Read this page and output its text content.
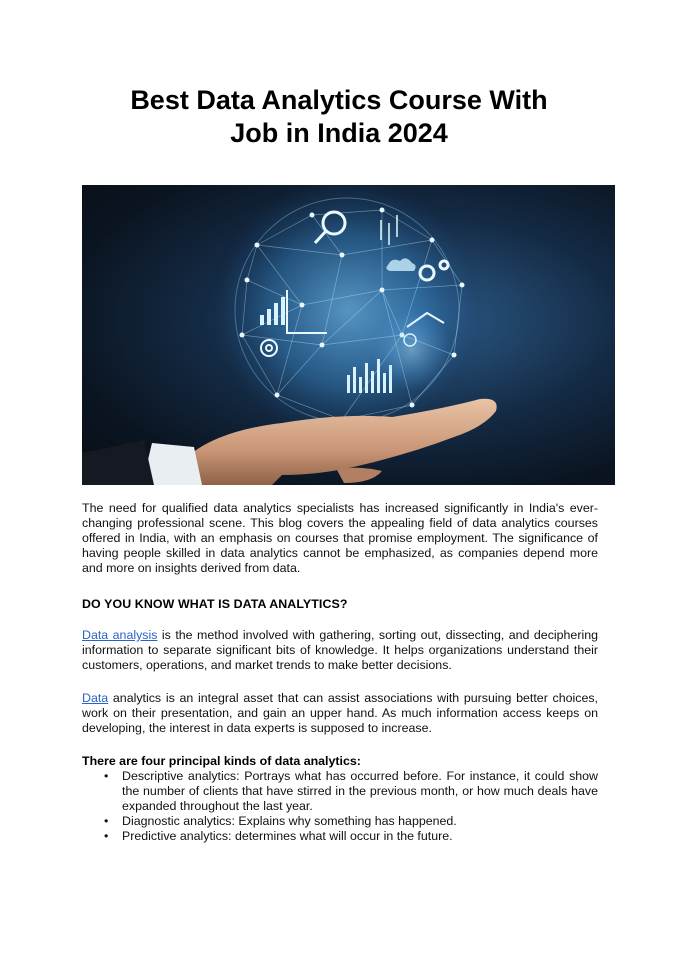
Best Data Analytics Course With
Job in India 2024

The need for qualified data analytics specialists has increased significantly in India's ever-changing professional scene. This blog covers the appealing field of data analytics courses offered in India, with an emphasis on courses that promise employment. The significance of having people skilled in data analytics cannot be emphasized, as companies depend more and more on insights derived from data.

DO YOU KNOW WHAT IS DATA ANALYTICS?

Data analysis is the method involved with gathering, sorting out, dissecting, and deciphering information to separate significant bits of knowledge. It helps organizations understand their customers, operations, and market trends to make better decisions.

Data analytics is an integral asset that can assist associations with pursuing better choices, work on their presentation, and gain an upper hand. As much information access keeps on developing, the interest in data experts is supposed to increase.

There are four principal kinds of data analytics:
• Descriptive analytics: Portrays what has occurred before. For instance, it could show the number of clients that have stirred in the previous month, or how much deals have expanded throughout the last year.
• Diagnostic analytics: Explains why something has happened.
• Predictive analytics: determines what will occur in the future.
